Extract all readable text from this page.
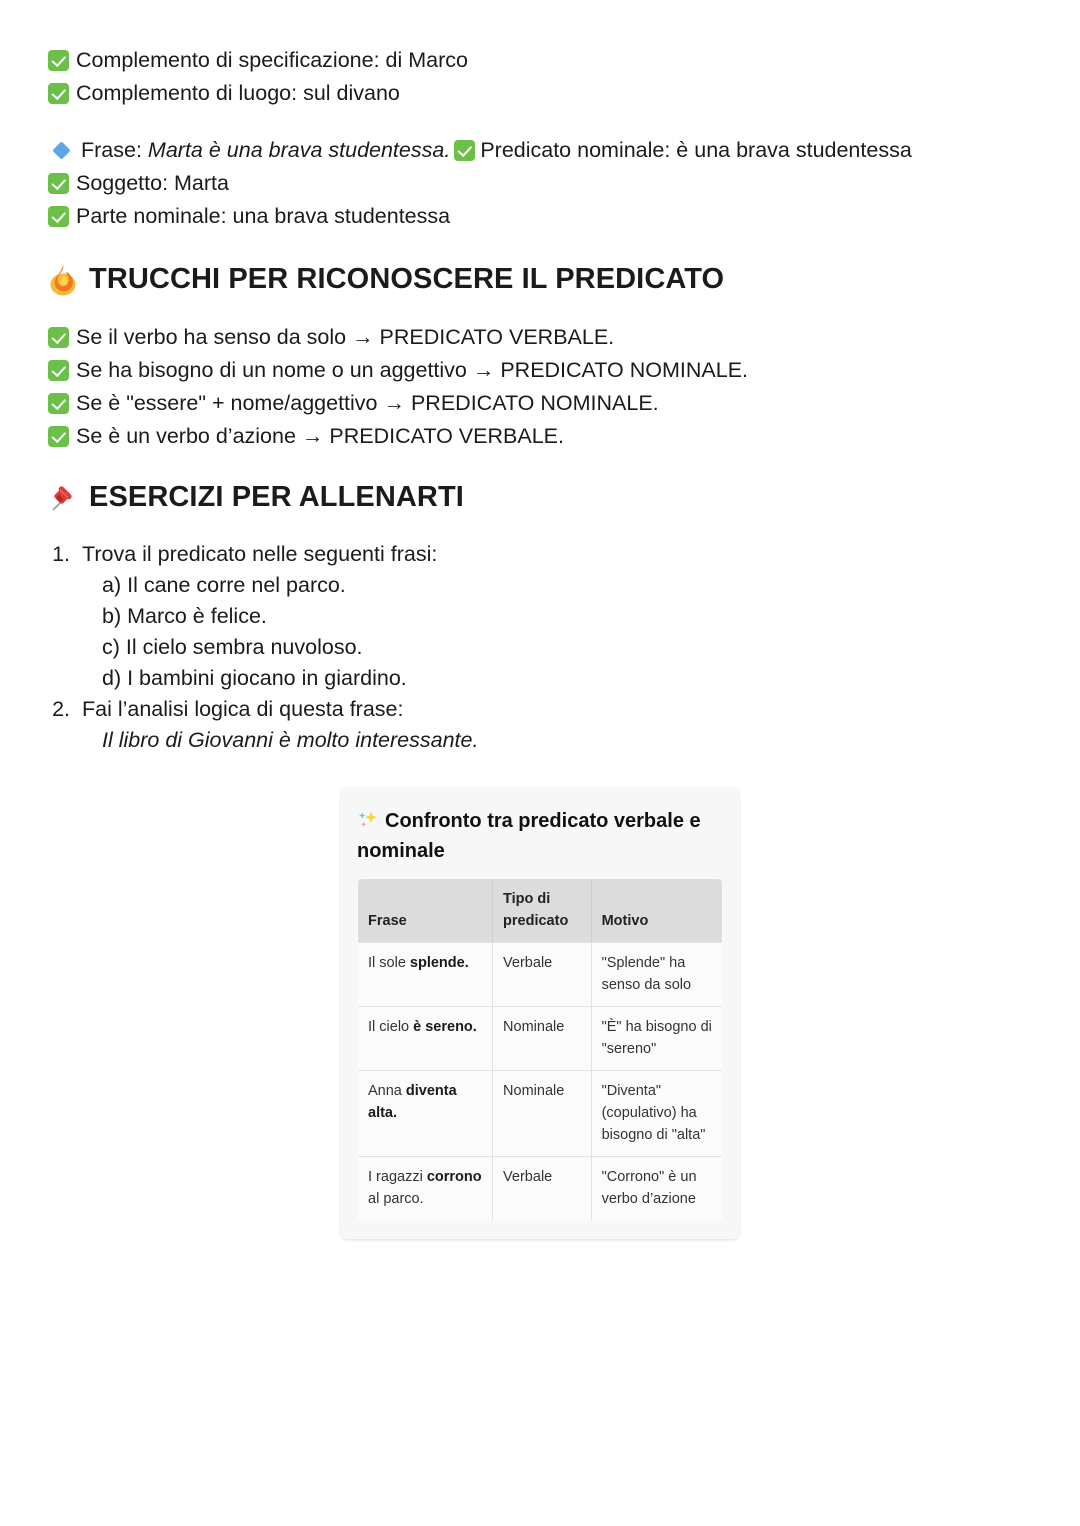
Complemento di specificazione: di Marco
Complemento di luogo: sul divano
Frase: Marta è una brava studentessa. Predicato nominale: è una brava studentessa
Soggetto: Marta
Parte nominale: una brava studentessa
TRUCCHI PER RICONOSCERE IL PREDICATO
Se il verbo ha senso da solo → PREDICATO VERBALE.
Se ha bisogno di un nome o un aggettivo → PREDICATO NOMINALE.
Se è "essere" + nome/aggettivo → PREDICATO NOMINALE.
Se è un verbo d’azione → PREDICATO VERBALE.
ESERCIZI PER ALLENARTI
1. Trova il predicato nelle seguenti frasi:
a) Il cane corre nel parco.
b) Marco è felice.
c) Il cielo sembra nuvoloso.
d) I bambini giocano in giardino.
2. Fai l’analisi logica di questa frase:
Il libro di Giovanni è molto interessante.
Confronto tra predicato verbale e nominale
Frase	Tipo di predicato	Motivo
Il sole splende.	Verbale	"Splende" ha senso da solo
Il cielo è sereno.	Nominale	"È" ha bisogno di "sereno"
Anna diventa alta.	Nominale	"Diventa" (copulativo) ha bisogno di "alta"
I ragazzi corrono al parco.	Verbale	"Corrono" è un verbo d’azione
